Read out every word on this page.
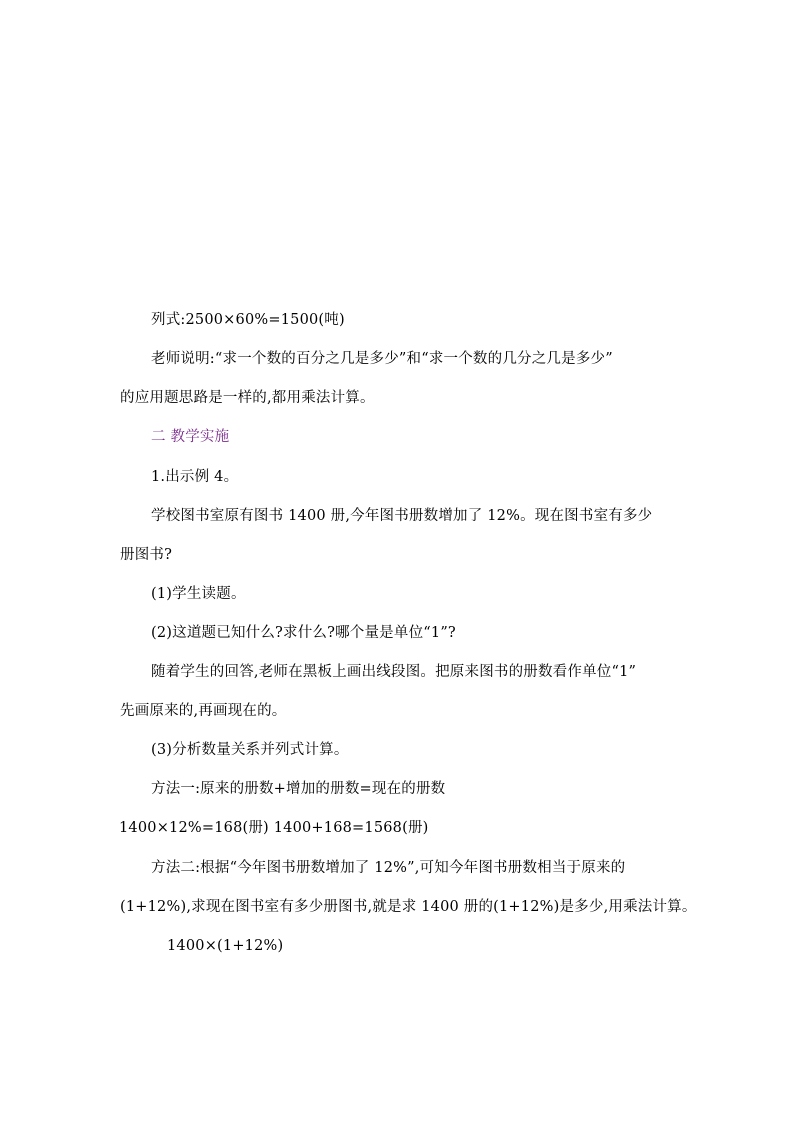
列式:2500×60%=1500(吨)
老师说明:“求一个数的百分之几是多少”和“求一个数的几分之几是多少”
的应用题思路是一样的,都用乘法计算。
二 教学实施
1.出示例 4。
学校图书室原有图书 1400 册,今年图书册数增加了 12%。现在图书室有多少
册图书?
(1)学生读题。
(2)这道题已知什么?求什么?哪个量是单位“1”?
随着学生的回答,老师在黑板上画出线段图。把原来图书的册数看作单位“1”
先画原来的,再画现在的。
(3)分析数量关系并列式计算。
方法一:原来的册数+增加的册数=现在的册数
1400×12%=168(册) 1400+168=1568(册)
方法二:根据“今年图书册数增加了 12%”,可知今年图书册数相当于原来的
(1+12%),求现在图书室有多少册图书,就是求 1400 册的(1+12%)是多少,用乘法计算。
1400×(1+12%)
